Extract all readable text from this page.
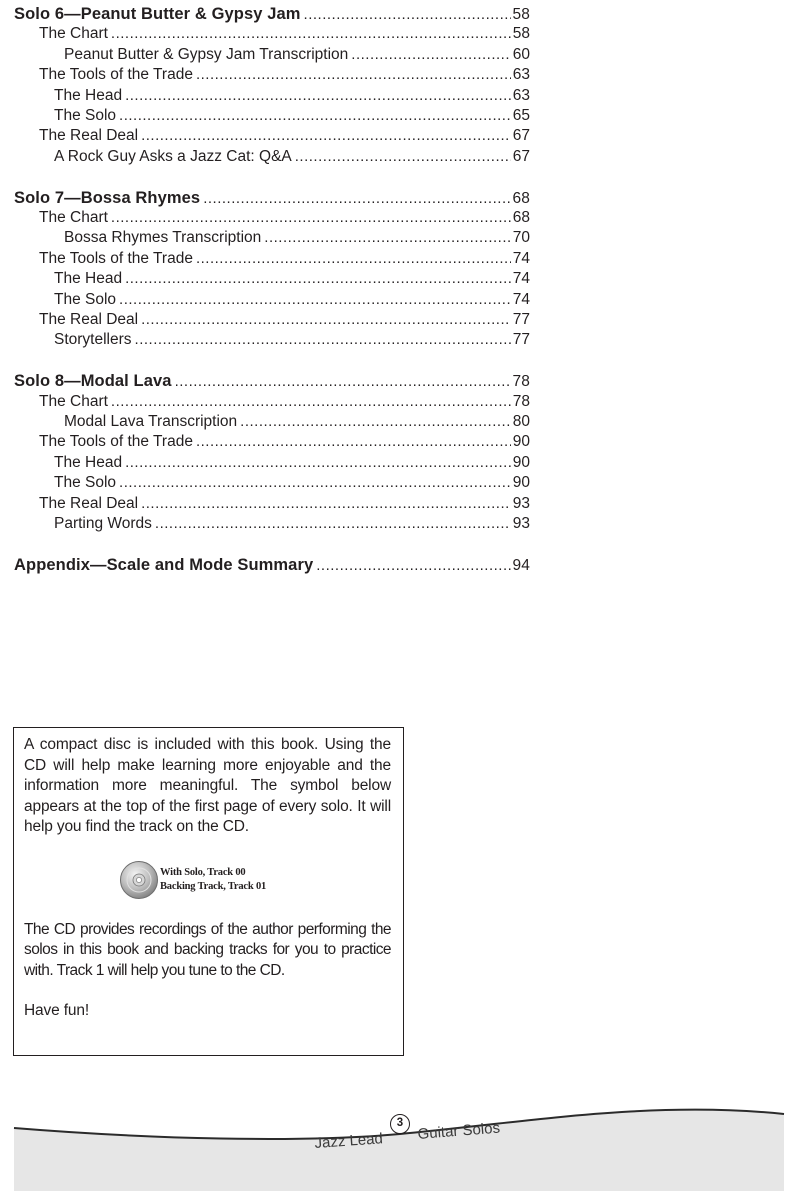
Solo 6—Peanut Butter & Gypsy Jam .....	58
The Chart .....	58
Peanut Butter & Gypsy Jam Transcription .....	60
The Tools of the Trade .....	63
The Head .....	63
The Solo .....	65
The Real Deal .....	67
A Rock Guy Asks a Jazz Cat: Q&A .....	67
Solo 7—Bossa Rhymes .....	68
The Chart .....	68
Bossa Rhymes Transcription .....	70
The Tools of the Trade .....	74
The Head .....	74
The Solo .....	74
The Real Deal .....	77
Storytellers .....	77
Solo 8—Modal Lava .....	78
The Chart .....	78
Modal Lava Transcription .....	80
The Tools of the Trade .....	90
The Head .....	90
The Solo .....	90
The Real Deal .....	93
Parting Words .....	93
Appendix—Scale and Mode Summary .....	94

A compact disc is included with this book. Using the CD will help make learning more enjoyable and the information more meaningful. The symbol below appears at the top of the first page of every solo. It will help you find the track on the CD.

With Solo, Track 00
Backing Track, Track 01

The CD provides recordings of the author performing the solos in this book and backing tracks for you to practice with. Track 1 will help you tune to the CD.

Have fun!

3
Jazz Lead Guitar Solos
